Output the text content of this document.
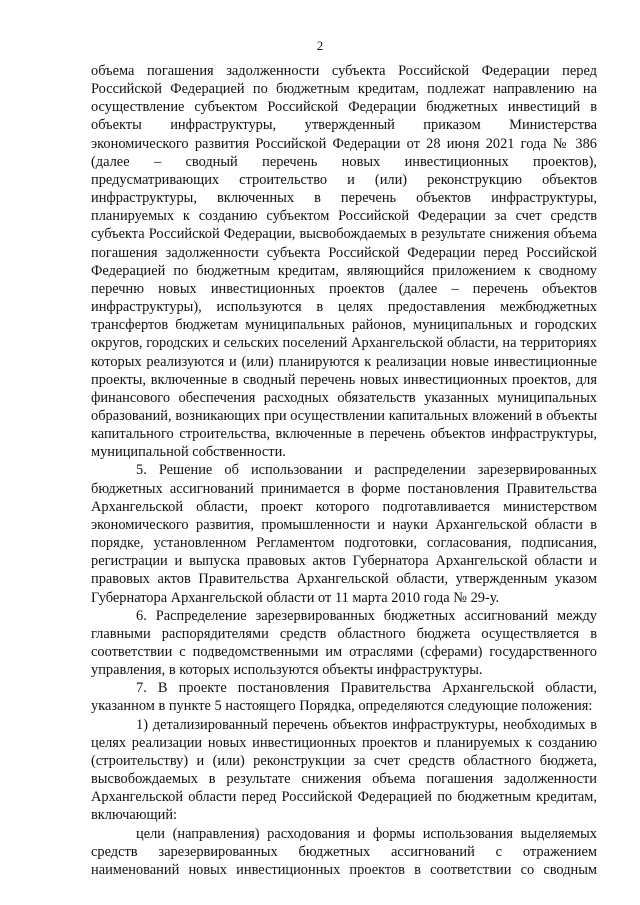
2

объема погашения задолженности субъекта Российской Федерации перед Российской Федерацией по бюджетным кредитам, подлежат направлению на осуществление субъектом Российской Федерации бюджетных инвестиций в объекты инфраструктуры, утвержденный приказом Министерства экономического развития Российской Федерации от 28 июня 2021 года № 386 (далее – сводный перечень новых инвестиционных проектов), предусматривающих строительство и (или) реконструкцию объектов инфраструктуры, включенных в перечень объектов инфраструктуры, планируемых к созданию субъектом Российской Федерации за счет средств субъекта Российской Федерации, высвобождаемых в результате снижения объема погашения задолженности субъекта Российской Федерации перед Российской Федерацией по бюджетным кредитам, являющийся приложением к сводному перечню новых инвестиционных проектов (далее – перечень объектов инфраструктуры), используются в целях предоставления межбюджетных трансфертов бюджетам муниципальных районов, муниципальных и городских округов, городских и сельских поселений Архангельской области, на территориях которых реализуются и (или) планируются к реализации новые инвестиционные проекты, включенные в сводный перечень новых инвестиционных проектов, для финансового обеспечения расходных обязательств указанных муниципальных образований, возникающих при осуществлении капитальных вложений в объекты капитального строительства, включенные в перечень объектов инфраструктуры, муниципальной собственности.

5. Решение об использовании и распределении зарезервированных бюджетных ассигнований принимается в форме постановления Правительства Архангельской области, проект которого подготавливается министерством экономического развития, промышленности и науки Архангельской области в порядке, установленном Регламентом подготовки, согласования, подписания, регистрации и выпуска правовых актов Губернатора Архангельской области и правовых актов Правительства Архангельской области, утвержденным указом Губернатора Архангельской области от 11 марта 2010 года № 29-у.

6. Распределение зарезервированных бюджетных ассигнований между главными распорядителями средств областного бюджета осуществляется в соответствии с подведомственными им отраслями (сферами) государственного управления, в которых используются объекты инфраструктуры.

7. В проекте постановления Правительства Архангельской области, указанном в пункте 5 настоящего Порядка, определяются следующие положения:

1) детализированный перечень объектов инфраструктуры, необходимых в целях реализации новых инвестиционных проектов и планируемых к созданию (строительству) и (или) реконструкции за счет средств областного бюджета, высвобождаемых в результате снижения объема погашения задолженности Архангельской области перед Российской Федерацией по бюджетным кредитам, включающий:

цели (направления) расходования и формы использования выделяемых средств зарезервированных бюджетных ассигнований с отражением наименований новых инвестиционных проектов в соответствии со сводным
